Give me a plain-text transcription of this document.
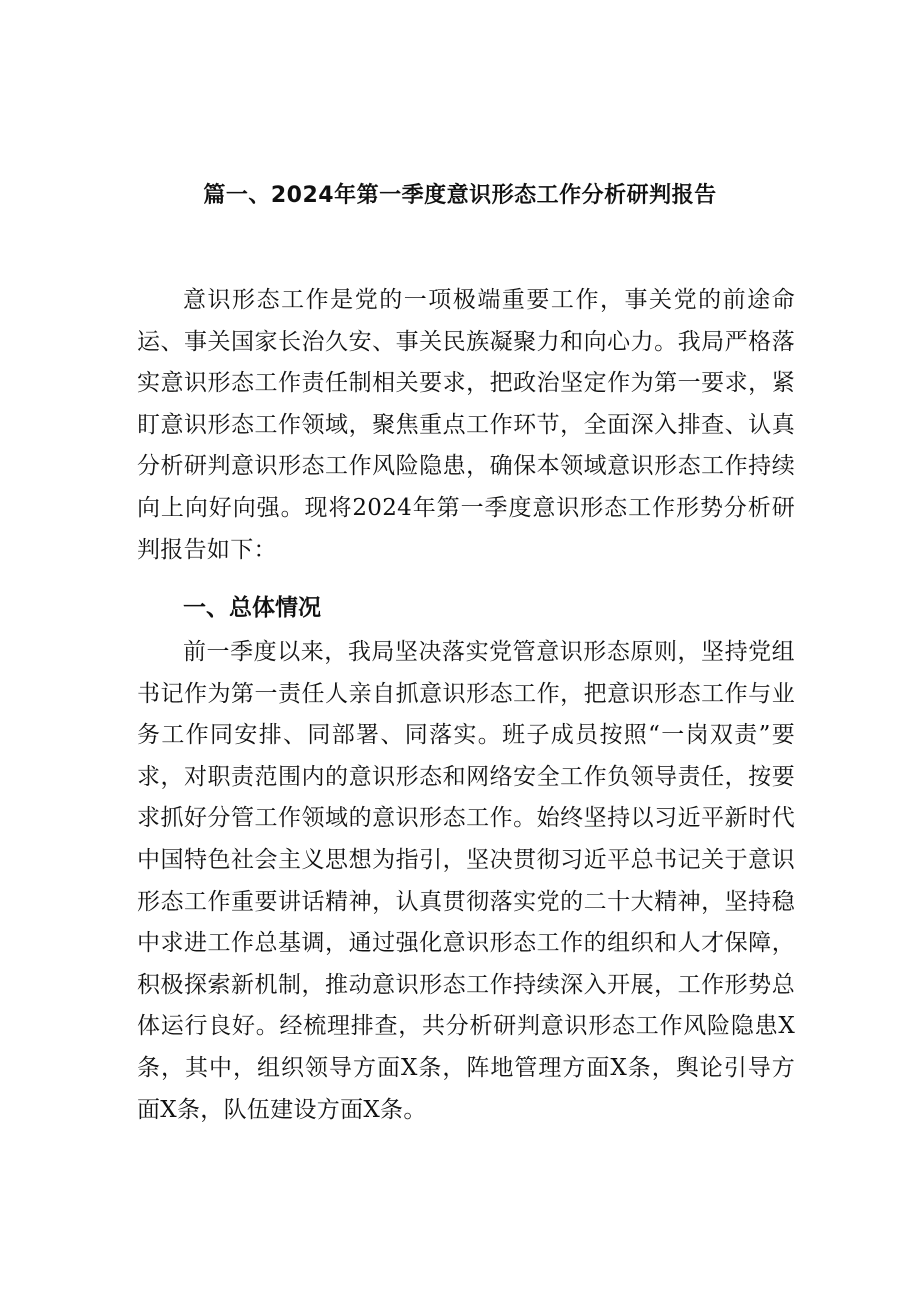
篇一、2024年第一季度意识形态工作分析研判报告

意识形态工作是党的一项极端重要工作，事关党的前途命运、事关国家长治久安、事关民族凝聚力和向心力。我局严格落实意识形态工作责任制相关要求，把政治坚定作为第一要求，紧盯意识形态工作领域，聚焦重点工作环节，全面深入排查、认真分析研判意识形态工作风险隐患，确保本领域意识形态工作持续向上向好向强。现将2024年第一季度意识形态工作形势分析研判报告如下：

一、总体情况

前一季度以来，我局坚决落实党管意识形态原则，坚持党组书记作为第一责任人亲自抓意识形态工作，把意识形态工作与业务工作同安排、同部署、同落实。班子成员按照“一岗双责”要求，对职责范围内的意识形态和网络安全工作负领导责任，按要求抓好分管工作领域的意识形态工作。始终坚持以习近平新时代中国特色社会主义思想为指引，坚决贯彻习近平总书记关于意识形态工作重要讲话精神，认真贯彻落实党的二十大精神，坚持稳中求进工作总基调，通过强化意识形态工作的组织和人才保障，积极探索新机制，推动意识形态工作持续深入开展，工作形势总体运行良好。经梳理排查，共分析研判意识形态工作风险隐患X条，其中，组织领导方面X条，阵地管理方面X条，舆论引导方面X条，队伍建设方面X条。
